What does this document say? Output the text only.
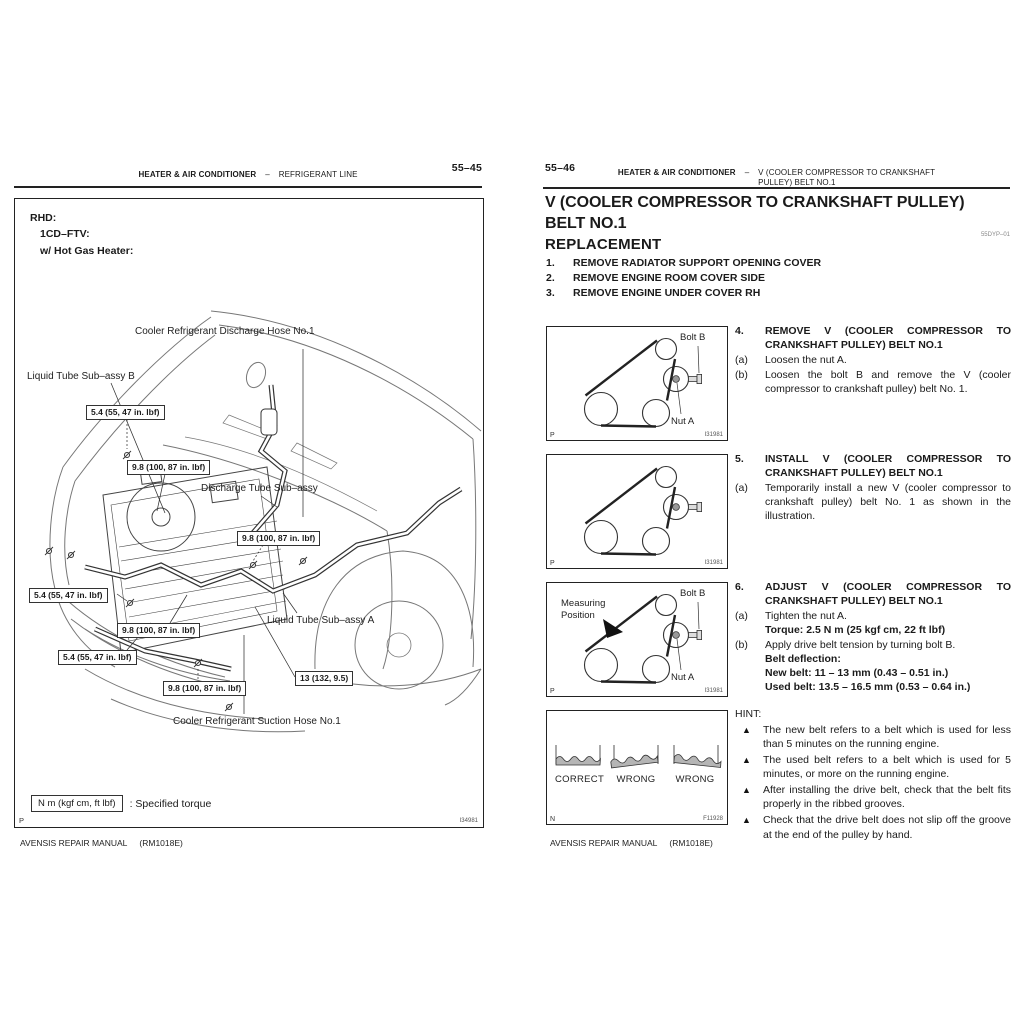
55–45
HEATER & AIR CONDITIONER – REFRIGERANT LINE
RHD:
1CD–FTV:
w/ Hot Gas Heater:
Cooler Refrigerant Discharge Hose No.1
Liquid Tube Sub–assy B
Discharge Tube Sub–assy
Liquid Tube Sub–assy A
Cooler Refrigerant Suction Hose No.1
5.4 (55, 47 in. lbf)
9.8 (100, 87 in. lbf)
9.8 (100, 87 in. lbf)
5.4 (55, 47 in. lbf)
9.8 (100, 87 in. lbf)
5.4 (55, 47 in. lbf)
13 (132, 9.5)
9.8 (100, 87 in. lbf)
N m (kgf cm, ft lbf)	: Specified torque
P	I34981
AVENSIS REPAIR MANUAL (RM1018E)
55–46	HEATER & AIR CONDITIONER – V (COOLER COMPRESSOR TO CRANKSHAFT
PULLEY) BELT NO.1
V (COOLER COMPRESSOR TO CRANKSHAFT PULLEY)
BELT NO.1
REPLACEMENT
55DYP–01
1.	REMOVE RADIATOR SUPPORT OPENING COVER
2.	REMOVE ENGINE ROOM COVER SIDE
3.	REMOVE ENGINE UNDER COVER RH
Bolt B
Nut A
P	I31981
P	I31981
Measuring Position
Bolt B
Nut A
P	I31981
CORRECT	WRONG	WRONG
N	F11928
4.	REMOVE V (COOLER COMPRESSOR TO CRANKSHAFT PULLEY) BELT NO.1
(a)	Loosen the nut A.
(b)	Loosen the bolt B and remove the V (cooler compressor to crankshaft pulley) belt No. 1.
5.	INSTALL V (COOLER COMPRESSOR TO CRANKSHAFT PULLEY) BELT NO.1
(a)	Temporarily install a new V (cooler compressor to crankshaft pulley) belt No. 1 as shown in the illustration.
6.	ADJUST V (COOLER COMPRESSOR TO CRANKSHAFT PULLEY) BELT NO.1
(a)	Tighten the nut A.
Torque: 2.5 N m (25 kgf cm, 22 ft lbf)
(b)	Apply drive belt tension by turning bolt B.
Belt deflection:
New belt: 11 – 13 mm (0.43 – 0.51 in.)
Used belt: 13.5 – 16.5 mm (0.53 – 0.64 in.)
HINT:
▲	The new belt refers to a belt which is used for less than 5 minutes on the running engine.
▲	The used belt refers to a belt which is used for 5 minutes, or more on the running engine.
▲	After installing the drive belt, check that the belt fits properly in the ribbed grooves.
▲	Check that the drive belt does not slip off the groove at the end of the pulley by hand.
AVENSIS REPAIR MANUAL (RM1018E)
